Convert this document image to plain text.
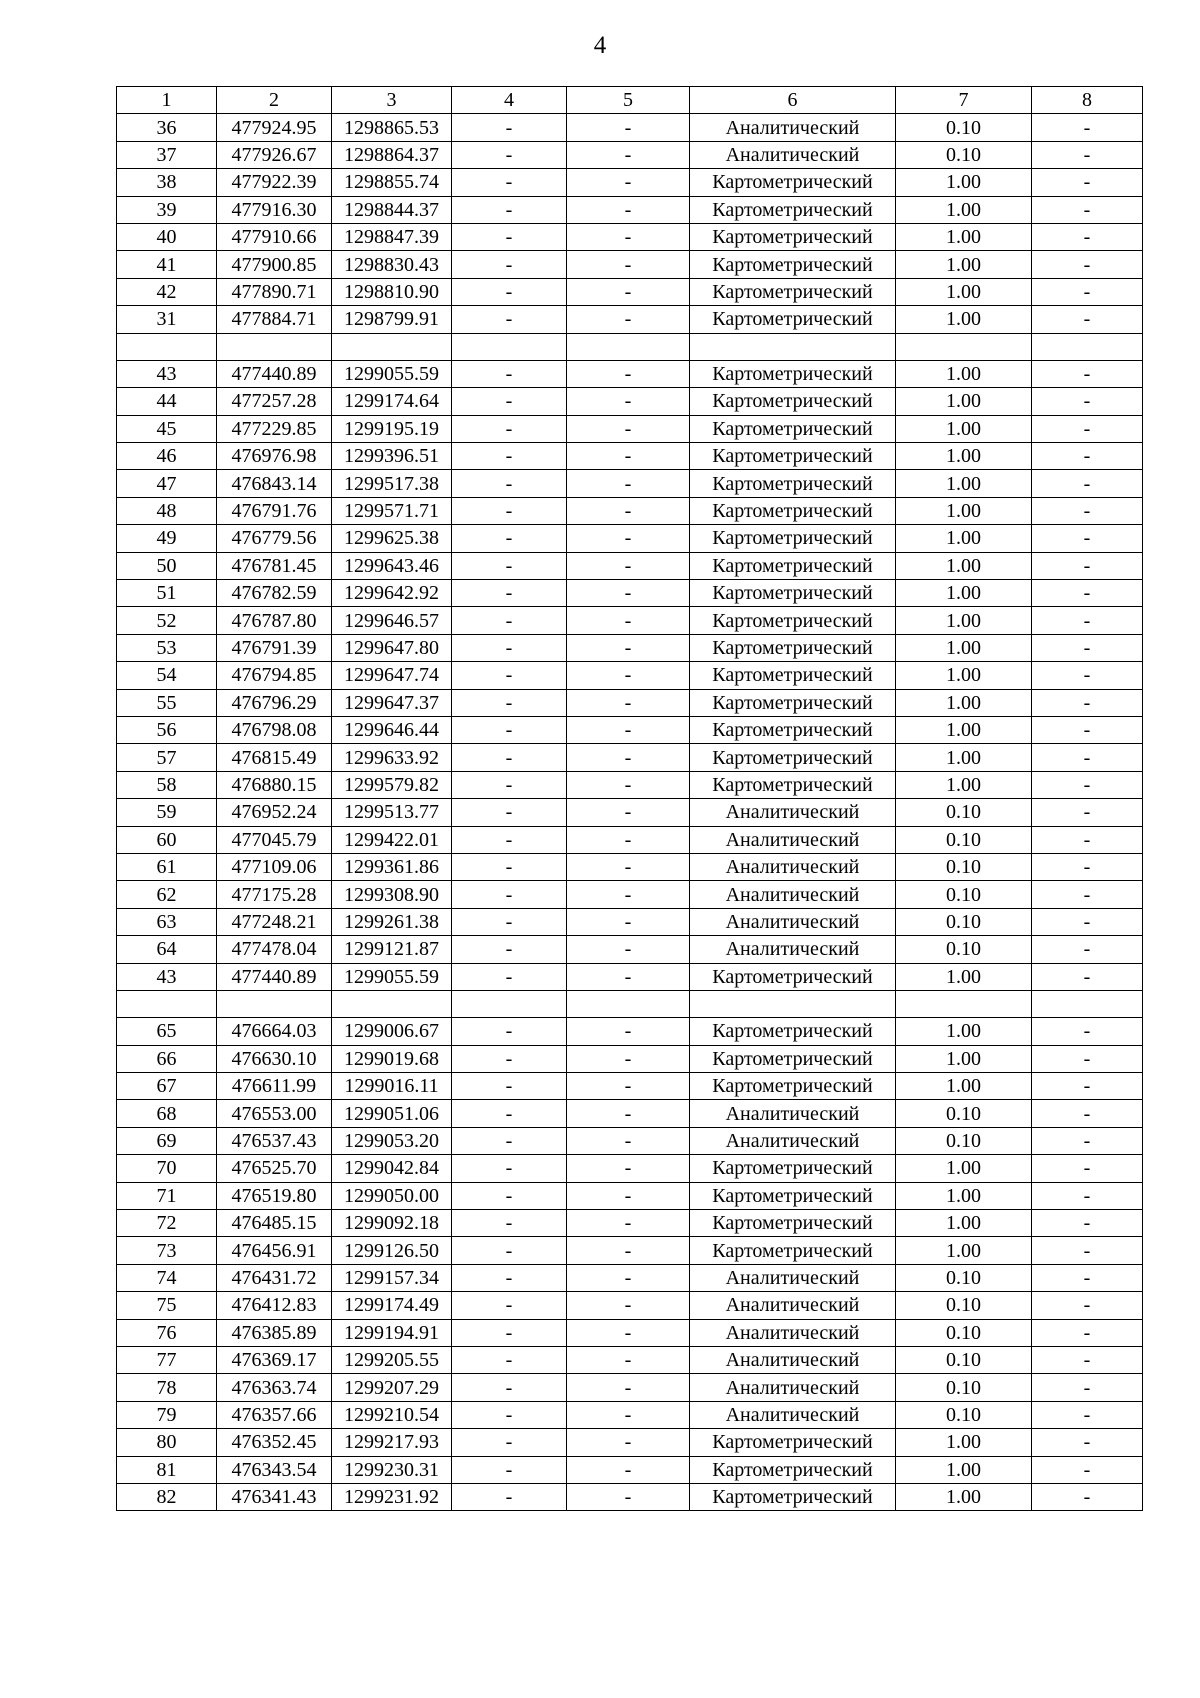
4
1	2	3	4	5	6	7	8
36	477924.95	1298865.53	-	-	Аналитический	0.10	-
37	477926.67	1298864.37	-	-	Аналитический	0.10	-
38	477922.39	1298855.74	-	-	Картометрический	1.00	-
39	477916.30	1298844.37	-	-	Картометрический	1.00	-
40	477910.66	1298847.39	-	-	Картометрический	1.00	-
41	477900.85	1298830.43	-	-	Картометрический	1.00	-
42	477890.71	1298810.90	-	-	Картометрический	1.00	-
31	477884.71	1298799.91	-	-	Картометрический	1.00	-

43	477440.89	1299055.59	-	-	Картометрический	1.00	-
44	477257.28	1299174.64	-	-	Картометрический	1.00	-
45	477229.85	1299195.19	-	-	Картометрический	1.00	-
46	476976.98	1299396.51	-	-	Картометрический	1.00	-
47	476843.14	1299517.38	-	-	Картометрический	1.00	-
48	476791.76	1299571.71	-	-	Картометрический	1.00	-
49	476779.56	1299625.38	-	-	Картометрический	1.00	-
50	476781.45	1299643.46	-	-	Картометрический	1.00	-
51	476782.59	1299642.92	-	-	Картометрический	1.00	-
52	476787.80	1299646.57	-	-	Картометрический	1.00	-
53	476791.39	1299647.80	-	-	Картометрический	1.00	-
54	476794.85	1299647.74	-	-	Картометрический	1.00	-
55	476796.29	1299647.37	-	-	Картометрический	1.00	-
56	476798.08	1299646.44	-	-	Картометрический	1.00	-
57	476815.49	1299633.92	-	-	Картометрический	1.00	-
58	476880.15	1299579.82	-	-	Картометрический	1.00	-
59	476952.24	1299513.77	-	-	Аналитический	0.10	-
60	477045.79	1299422.01	-	-	Аналитический	0.10	-
61	477109.06	1299361.86	-	-	Аналитический	0.10	-
62	477175.28	1299308.90	-	-	Аналитический	0.10	-
63	477248.21	1299261.38	-	-	Аналитический	0.10	-
64	477478.04	1299121.87	-	-	Аналитический	0.10	-
43	477440.89	1299055.59	-	-	Картометрический	1.00	-

65	476664.03	1299006.67	-	-	Картометрический	1.00	-
66	476630.10	1299019.68	-	-	Картометрический	1.00	-
67	476611.99	1299016.11	-	-	Картометрический	1.00	-
68	476553.00	1299051.06	-	-	Аналитический	0.10	-
69	476537.43	1299053.20	-	-	Аналитический	0.10	-
70	476525.70	1299042.84	-	-	Картометрический	1.00	-
71	476519.80	1299050.00	-	-	Картометрический	1.00	-
72	476485.15	1299092.18	-	-	Картометрический	1.00	-
73	476456.91	1299126.50	-	-	Картометрический	1.00	-
74	476431.72	1299157.34	-	-	Аналитический	0.10	-
75	476412.83	1299174.49	-	-	Аналитический	0.10	-
76	476385.89	1299194.91	-	-	Аналитический	0.10	-
77	476369.17	1299205.55	-	-	Аналитический	0.10	-
78	476363.74	1299207.29	-	-	Аналитический	0.10	-
79	476357.66	1299210.54	-	-	Аналитический	0.10	-
80	476352.45	1299217.93	-	-	Картометрический	1.00	-
81	476343.54	1299230.31	-	-	Картометрический	1.00	-
82	476341.43	1299231.92	-	-	Картометрический	1.00	-
